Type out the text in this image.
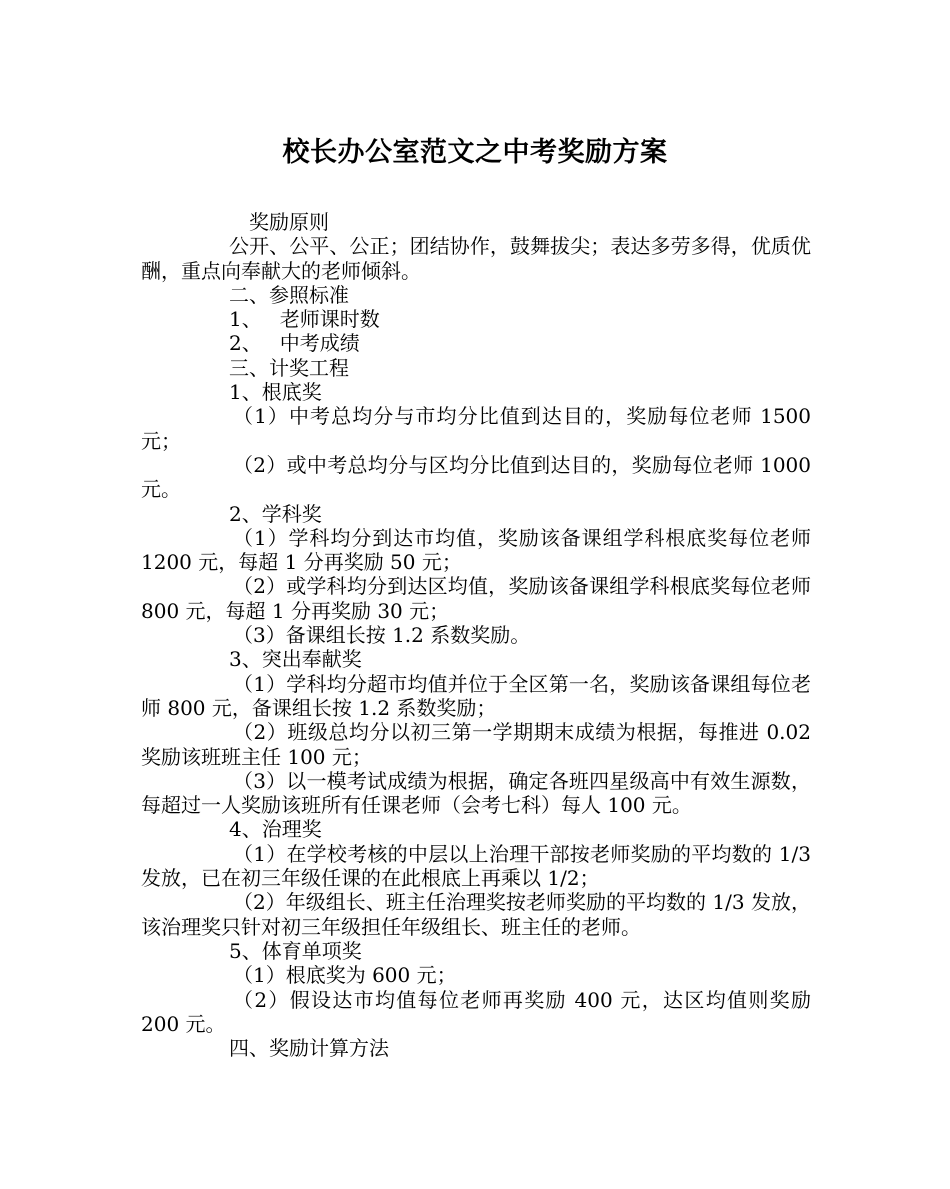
校长办公室范文之中考奖励方案

奖励原则

公开、公平、公正；团结协作，鼓舞拔尖；表达多劳多得，优质优酬，重点向奉献大的老师倾斜。

二、参照标准

1、 老师课时数

2、 中考成绩

三、计奖工程

1、根底奖

（1）中考总均分与市均分比值到达目的，奖励每位老师 1500 元；

（2）或中考总均分与区均分比值到达目的，奖励每位老师 1000 元。

2、学科奖

（1）学科均分到达市均值，奖励该备课组学科根底奖每位老师 1200 元，每超 1 分再奖励 50 元；

（2）或学科均分到达区均值，奖励该备课组学科根底奖每位老师 800 元，每超 1 分再奖励 30 元；

（3）备课组长按 1.2 系数奖励。

3、突出奉献奖

（1）学科均分超市均值并位于全区第一名，奖励该备课组每位老师 800 元，备课组长按 1.2 系数奖励；

（2）班级总均分以初三第一学期期末成绩为根据，每推进 0.02 奖励该班班主任 100 元；

（3）以一模考试成绩为根据，确定各班四星级高中有效生源数，每超过一人奖励该班所有任课老师（会考七科）每人 100 元。

4、治理奖

（1）在学校考核的中层以上治理干部按老师奖励的平均数的 1/3 发放，已在初三年级任课的在此根底上再乘以 1/2；

（2）年级组长、班主任治理奖按老师奖励的平均数的 1/3 发放，该治理奖只针对初三年级担任年级组长、班主任的老师。

5、体育单项奖

（1）根底奖为 600 元；

（2）假设达市均值每位老师再奖励 400 元，达区均值则奖励 200 元。

四、奖励计算方法
